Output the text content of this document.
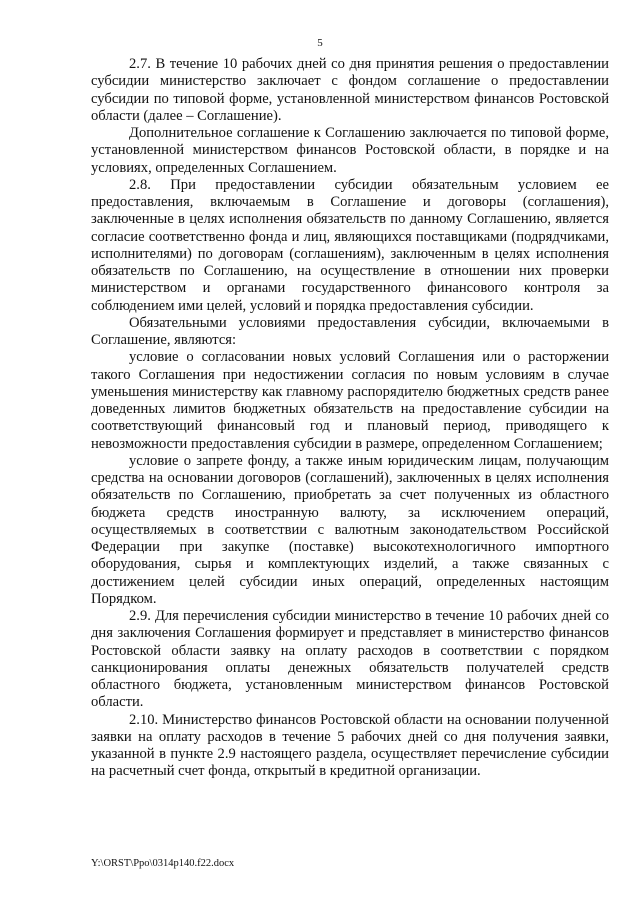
5

2.7. В течение 10 рабочих дней со дня принятия решения о предоставлении субсидии министерство заключает с фондом соглашение о предоставлении субсидии по типовой форме, установленной министерством финансов Ростовской области (далее – Соглашение).

Дополнительное соглашение к Соглашению заключается по типовой форме, установленной министерством финансов Ростовской области, в порядке и на условиях, определенных Соглашением.

2.8. При предоставлении субсидии обязательным условием ее предоставления, включаемым в Соглашение и договоры (соглашения), заключенные в целях исполнения обязательств по данному Соглашению, является согласие соответственно фонда и лиц, являющихся поставщиками (подрядчиками, исполнителями) по договорам (соглашениям), заключенным в целях исполнения обязательств по Соглашению, на осуществление в отношении них проверки министерством и органами государственного финансового контроля за соблюдением ими целей, условий и порядка предоставления субсидии.

Обязательными условиями предоставления субсидии, включаемыми в Соглашение, являются:

условие о согласовании новых условий Соглашения или о расторжении такого Соглашения при недостижении согласия по новым условиям в случае уменьшения министерству как главному распорядителю бюджетных средств ранее доведенных лимитов бюджетных обязательств на предоставление субсидии на соответствующий финансовый год и плановый период, приводящего к невозможности предоставления субсидии в размере, определенном Соглашением;

условие о запрете фонду, а также иным юридическим лицам, получающим средства на основании договоров (соглашений), заключенных в целях исполнения обязательств по Соглашению, приобретать за счет полученных из областного бюджета средств иностранную валюту, за исключением операций, осуществляемых в соответствии с валютным законодательством Российской Федерации при закупке (поставке) высокотехнологичного импортного оборудования, сырья и комплектующих изделий, а также связанных с достижением целей субсидии иных операций, определенных настоящим Порядком.

2.9. Для перечисления субсидии министерство в течение 10 рабочих дней со дня заключения Соглашения формирует и представляет в министерство финансов Ростовской области заявку на оплату расходов в соответствии с порядком санкционирования оплаты денежных обязательств получателей средств областного бюджета, установленным министерством финансов Ростовской области.

2.10. Министерство финансов Ростовской области на основании полученной заявки на оплату расходов в течение 5 рабочих дней со дня получения заявки, указанной в пункте 2.9 настоящего раздела, осуществляет перечисление субсидии на расчетный счет фонда, открытый в кредитной организации.

Y:\ORST\Ppo\0314p140.f22.docx
